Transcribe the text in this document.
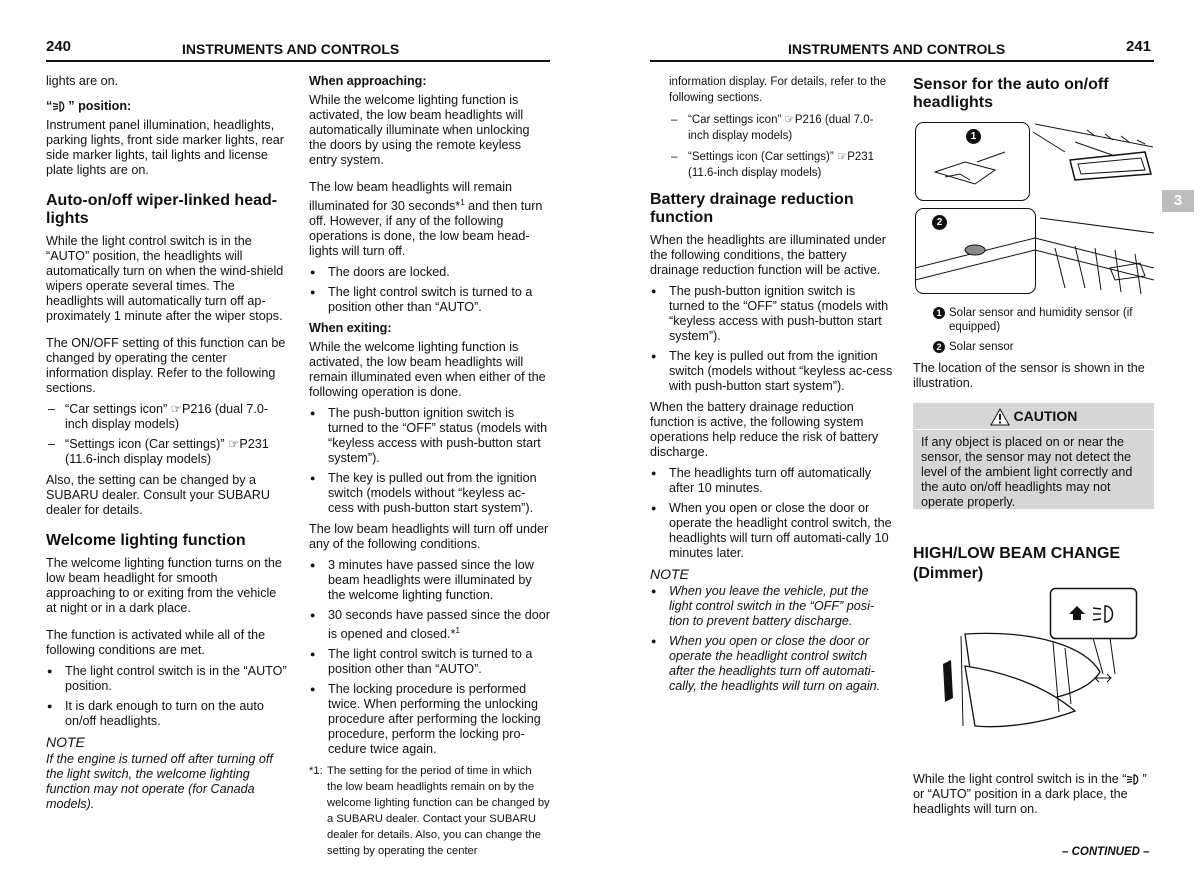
240	INSTRUMENTS AND CONTROLS	INSTRUMENTS AND CONTROLS	241
3

lights are on.

“ ” position:

Instrument panel illumination, headlights, parking lights, front side marker lights, rear side marker lights, tail lights and license plate lights are on.

Auto-on/off wiper-linked head-lights

While the light control switch is in the “AUTO” position, the headlights will automatically turn on when the wind-shield wipers operate several times. The headlights will automatically turn off ap-proximately 1 minute after the wiper stops.

The ON/OFF setting of this function can be changed by operating the center information display. Refer to the following sections.

– “Car settings icon” ☞P216 (dual 7.0-inch display models)
– “Settings icon (Car settings)” ☞P231 (11.6-inch display models)

Also, the setting can be changed by a SUBARU dealer. Consult your SUBARU dealer for details.

Welcome lighting function

The welcome lighting function turns on the low beam headlight for smooth approaching to or exiting from the vehicle at night or in a dark place.

The function is activated while all of the following conditions are met.

● The light control switch is in the “AUTO” position.
● It is dark enough to turn on the auto on/off headlights.
NOTE

If the engine is turned off after turning off the light switch, the welcome lighting function may not operate (for Canada models).

When approaching:

While the welcome lighting function is activated, the low beam headlights will automatically illuminate when unlocking the doors by using the remote keyless entry system.

The low beam headlights will remain illuminated for 30 seconds*$^1$ and then turn off. However, if any of the following operations is done, the low beam head-lights will turn off.

● The doors are locked.
● The light control switch is turned to a position other than “AUTO”.
When exiting:

While the welcome lighting function is activated, the low beam headlights will remain illuminated even when either of the following operation is done.

● The push-button ignition switch is turned to the “OFF” status (models with “keyless access with push-button start system”).
● The key is pulled out from the ignition switch (models without “keyless ac-cess with push-button start system”).

The low beam headlights will turn off under any of the following conditions.

● 3 minutes have passed since the low beam headlights were illuminated by the welcome lighting function.
● 30 seconds have passed since the door is opened and closed.*$^1$
● The light control switch is turned to a position other than “AUTO”.
● The locking procedure is performed twice. When performing the unlocking procedure after performing the locking procedure, perform the locking pro-cedure twice again.
*1: The setting for the period of time in which the low beam headlights remain on by the welcome lighting function can be changed by a SUBARU dealer. Contact your SUBARU dealer for details. Also, you can change the setting by operating the center

information display. For details, refer to the following sections.

– “Car settings icon” ☞P216 (dual 7.0-inch display models)
– “Settings icon (Car settings)” ☞P231 (11.6-inch display models)
Battery drainage reduction function

When the headlights are illuminated under the following conditions, the battery drainage reduction function will be active.

● The push-button ignition switch is turned to the “OFF” status (models with “keyless access with push-button start system”).
● The key is pulled out from the ignition switch (models without “keyless ac-cess with push-button start system”).

When the battery drainage reduction function is active, the following system operations help reduce the risk of battery discharge.

● The headlights turn off automatically after 10 minutes.
● When you open or close the door or operate the headlight control switch, the headlights will turn off automati-cally 10 minutes later.
NOTE
● When you leave the vehicle, put the light control switch in the “OFF” posi-tion to prevent battery discharge.
● When you open or close the door or operate the headlight control switch after the headlights turn off automati-cally, the headlights will turn on again.
Sensor for the auto on/off headlights
1
2
1 Solar sensor and humidity sensor (if equipped)
2 Solar sensor

The location of the sensor is shown in the illustration.

CAUTION
If any object is placed on or near the sensor, the sensor may not detect the level of the ambient light correctly and the auto on/off headlights may not operate properly.
HIGH/LOW BEAM CHANGE (Dimmer)

While the light control switch is in the “ ” or “AUTO” position in a dark place, the headlights will turn on.

– CONTINUED –
